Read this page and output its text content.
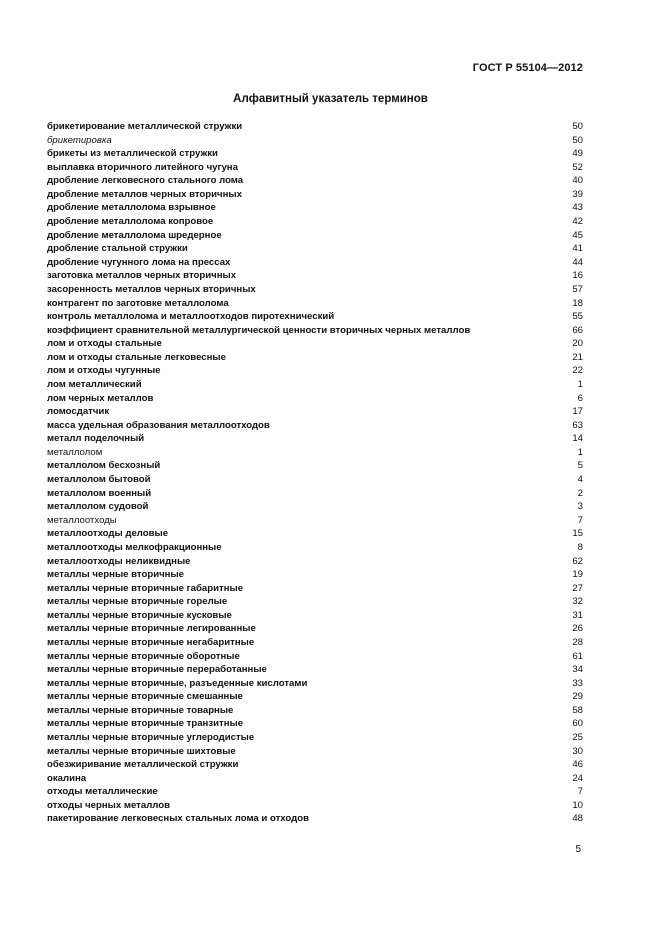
ГОСТ Р 55104—2012
Алфавитный указатель терминов
брикетирование металлической стружки	50
брикетировка	50
брикеты из металлической стружки	49
выплавка вторичного литейного чугуна	52
дробление легковесного стального лома	40
дробление металлов черных вторичных	39
дробление металлолома взрывное	43
дробление металлолома копровое	42
дробление металлолома шредерное	45
дробление стальной стружки	41
дробление чугунного лома на прессах	44
заготовка металлов черных вторичных	16
засоренность металлов черных вторичных	57
контрагент по заготовке металлолома	18
контроль металлолома и металлоотходов пиротехнический	55
коэффициент сравнительной металлургической ценности вторичных черных металлов	66
лом и отходы стальные	20
лом и отходы стальные легковесные	21
лом и отходы чугунные	22
лом металлический	1
лом черных металлов	6
ломосдатчик	17
масса удельная образования металлоотходов	63
металл поделочный	14
металлолом	1
металлолом бесхозный	5
металлолом бытовой	4
металлолом военный	2
металлолом судовой	3
металлоотходы	7
металлоотходы деловые	15
металлоотходы мелкофракционные	8
металлоотходы неликвидные	62
металлы черные вторичные	19
металлы черные вторичные габаритные	27
металлы черные вторичные горелые	32
металлы черные вторичные кусковые	31
металлы черные вторичные легированные	26
металлы черные вторичные негабаритные	28
металлы черные вторичные оборотные	61
металлы черные вторичные переработанные	34
металлы черные вторичные, разъеденные кислотами	33
металлы черные вторичные смешанные	29
металлы черные вторичные товарные	58
металлы черные вторичные транзитные	60
металлы черные вторичные углеродистые	25
металлы черные вторичные шихтовые	30
обезжиривание металлической стружки	46
окалина	24
отходы металлические	7
отходы черных металлов	10
пакетирование легковесных стальных лома и отходов	48
5
